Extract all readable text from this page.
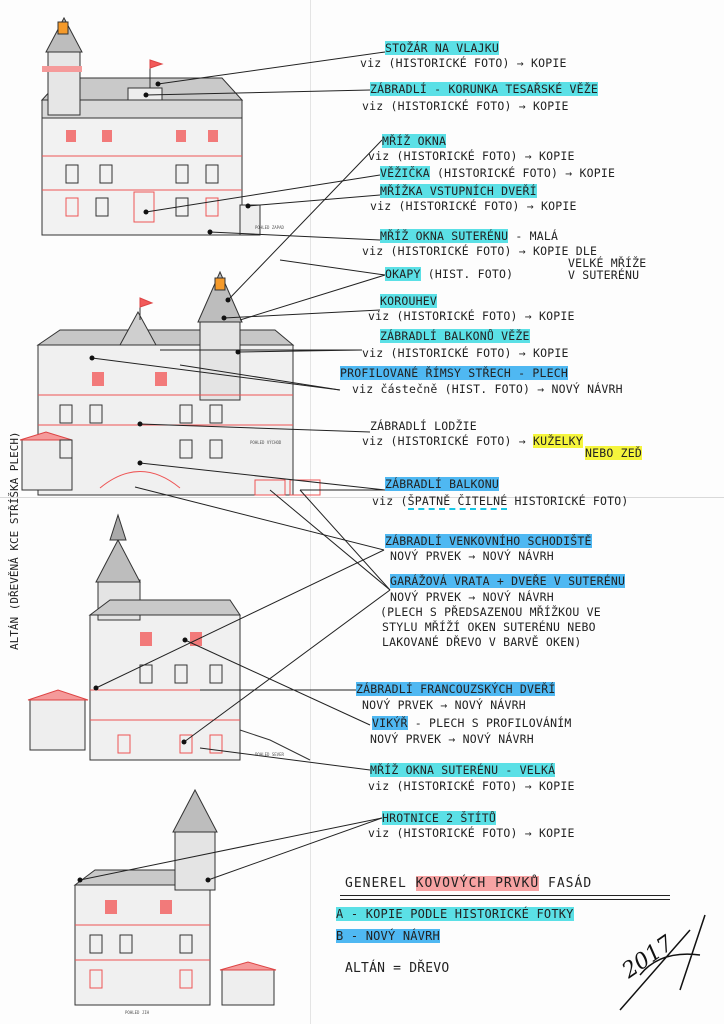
POHLED ZAPAD
POHLED VÝCHOD
POHLED SEVER
POHLED JIH
ALTÁN (DŘEVĚNÁ KCE STŘÍŠKA PLECH)
STOŽÁR NA VLAJKU
viz (HISTORICKÉ FOTO) → KOPIE
ZÁBRADLÍ - KORUNKA TESAŘSKÉ VĚŽE
viz (HISTORICKÉ FOTO) → KOPIE
MŘÍŽ OKNA
viz (HISTORICKÉ FOTO) → KOPIE
VĚŽIČKA (HISTORICKÉ FOTO) → KOPIE
MŘÍŽKA VSTUPNÍCH DVEŘÍ
viz (HISTORICKÉ FOTO) → KOPIE
MŘÍŽ OKNA SUTERÉNU - MALÁ
viz (HISTORICKÉ FOTO) → KOPIE DLE
VELKÉ MŘÍŽE
V SUTERÉNU
OKAPY (HIST. FOTO)
KOROUHEV
viz (HISTORICKÉ FOTO) → KOPIE
ZÁBRADLÍ BALKONŮ VĚŽE
viz (HISTORICKÉ FOTO) → KOPIE
PROFILOVANÉ ŘÍMSY STŘECH - PLECH
viz částečně (HIST. FOTO) → NOVÝ NÁVRH
ZÁBRADLÍ LODŽIE
viz (HISTORICKÉ FOTO) → KUŽELKY
NEBO ZEĎ
ZÁBRADLÍ BALKONU
viz (ŠPATNĚ ČITELNÉ HISTORICKÉ FOTO)
ZÁBRADLÍ VENKOVNÍHO SCHODIŠTĚ
NOVÝ PRVEK → NOVÝ NÁVRH
GARÁŽOVÁ VRATA + DVEŘE V SUTERÉNU
NOVÝ PRVEK → NOVÝ NÁVRH
(PLECH S PŘEDSAZENOU MŘÍŽKOU VE
STYLU MŘÍŽÍ OKEN SUTERÉNU NEBO
LAKOVANÉ DŘEVO V BARVĚ OKEN)
ZÁBRADLÍ FRANCOUZSKÝCH DVEŘÍ
NOVÝ PRVEK → NOVÝ NÁVRH
VIKÝŘ - PLECH S PROFILOVÁNÍM
NOVÝ PRVEK → NOVÝ NÁVRH
MŘÍŽ OKNA SUTERÉNU - VELKÁ
viz (HISTORICKÉ FOTO) → KOPIE
HROTNICE 2 ŠTÍTŮ
viz (HISTORICKÉ FOTO) → KOPIE
GENEREL KOVOVÝCH PRVKŮ FASÁD
A - KOPIE PODLE HISTORICKÉ FOTKY
B - NOVÝ NÁVRH
ALTÁN = DŘEVO	2017
